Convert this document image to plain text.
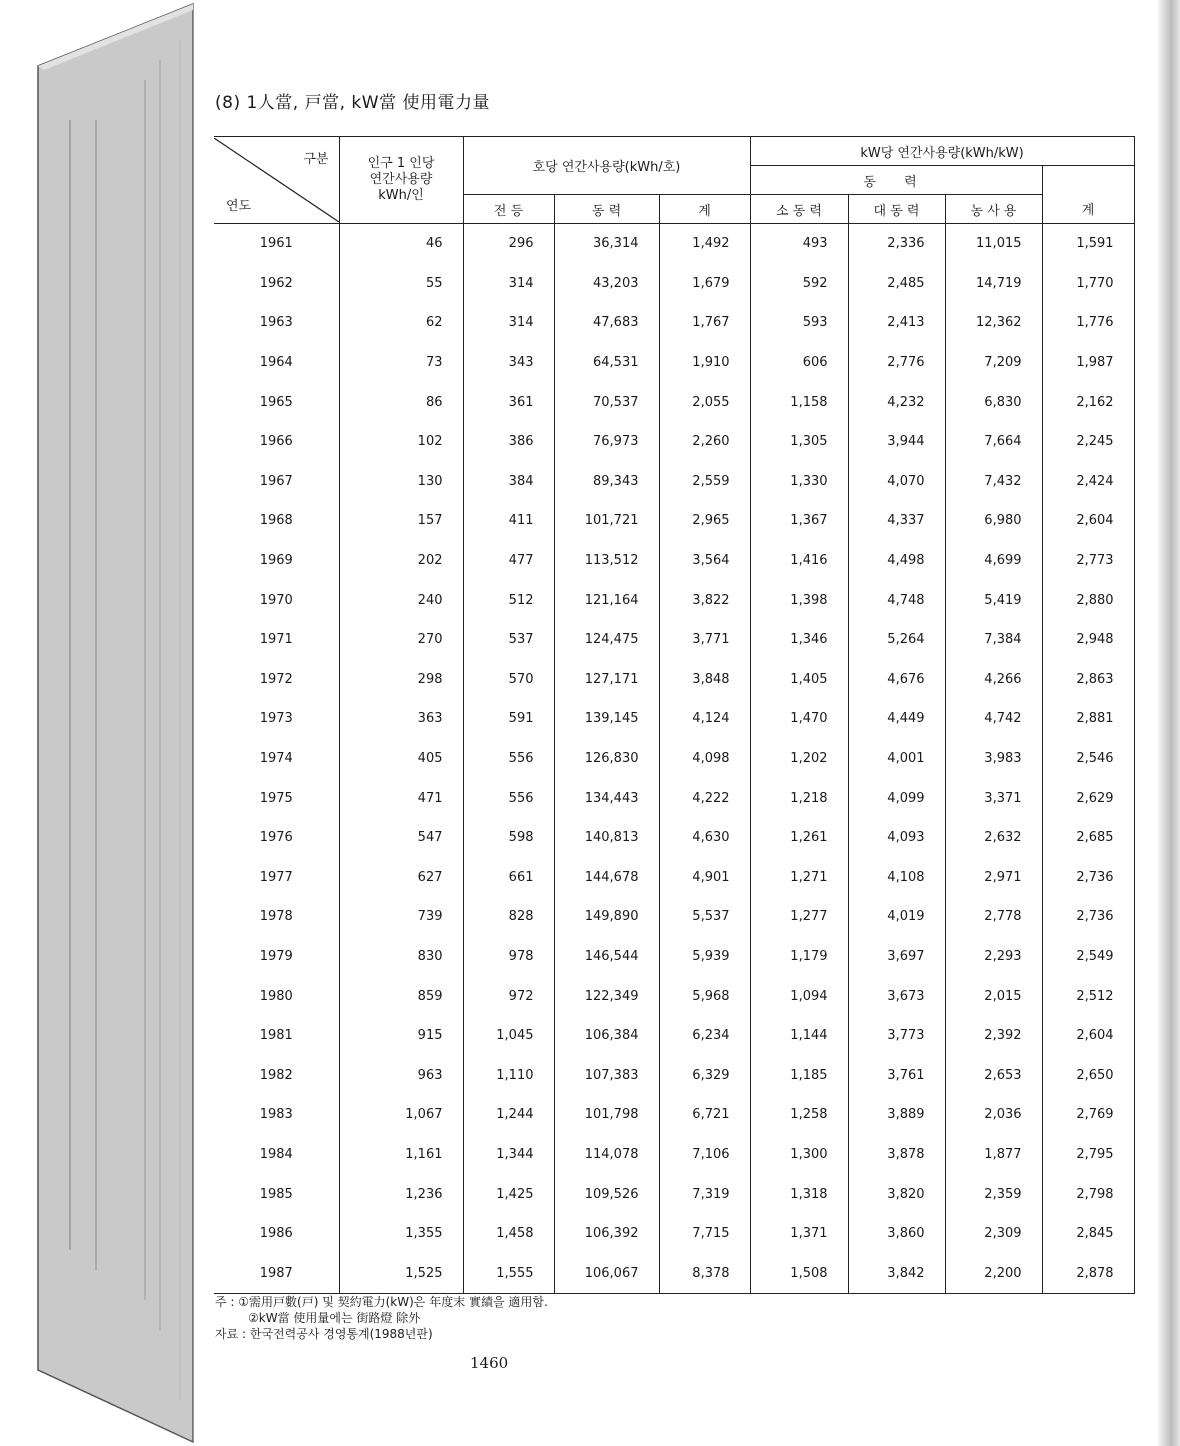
(8) 1人當, 戸當, kW當 使用電力量
구분
연도	인구 1 인당
연간사용량
kWh/인	호당 연간사용량(kWh/호)			kW당 연간사용량(kWh/kW)			
					동 력			
		전 등	동 력	계	소 동 력	대 동 력	농 사 용	계
1961	46	296	36,314	1,492	493	2,336	11,015	1,591
1962	55	314	43,203	1,679	592	2,485	14,719	1,770
1963	62	314	47,683	1,767	593	2,413	12,362	1,776
1964	73	343	64,531	1,910	606	2,776	7,209	1,987
1965	86	361	70,537	2,055	1,158	4,232	6,830	2,162
1966	102	386	76,973	2,260	1,305	3,944	7,664	2,245
1967	130	384	89,343	2,559	1,330	4,070	7,432	2,424
1968	157	411	101,721	2,965	1,367	4,337	6,980	2,604
1969	202	477	113,512	3,564	1,416	4,498	4,699	2,773
1970	240	512	121,164	3,822	1,398	4,748	5,419	2,880
1971	270	537	124,475	3,771	1,346	5,264	7,384	2,948
1972	298	570	127,171	3,848	1,405	4,676	4,266	2,863
1973	363	591	139,145	4,124	1,470	4,449	4,742	2,881
1974	405	556	126,830	4,098	1,202	4,001	3,983	2,546
1975	471	556	134,443	4,222	1,218	4,099	3,371	2,629
1976	547	598	140,813	4,630	1,261	4,093	2,632	2,685
1977	627	661	144,678	4,901	1,271	4,108	2,971	2,736
1978	739	828	149,890	5,537	1,277	4,019	2,778	2,736
1979	830	978	146,544	5,939	1,179	3,697	2,293	2,549
1980	859	972	122,349	5,968	1,094	3,673	2,015	2,512
1981	915	1,045	106,384	6,234	1,144	3,773	2,392	2,604
1982	963	1,110	107,383	6,329	1,185	3,761	2,653	2,650
1983	1,067	1,244	101,798	6,721	1,258	3,889	2,036	2,769
1984	1,161	1,344	114,078	7,106	1,300	3,878	1,877	2,795
1985	1,236	1,425	109,526	7,319	1,318	3,820	2,359	2,798
1986	1,355	1,458	106,392	7,715	1,371	3,860	2,309	2,845
1987	1,525	1,555	106,067	8,378	1,508	3,842	2,200	2,878
주 : ①需用戸數(戸) 및 契約電力(kW)은 年度末 實績을 適用함.
②kW當 使用量에는 街路燈 除外
자료 : 한국전력공사 경영통계(1988년판)
1460
